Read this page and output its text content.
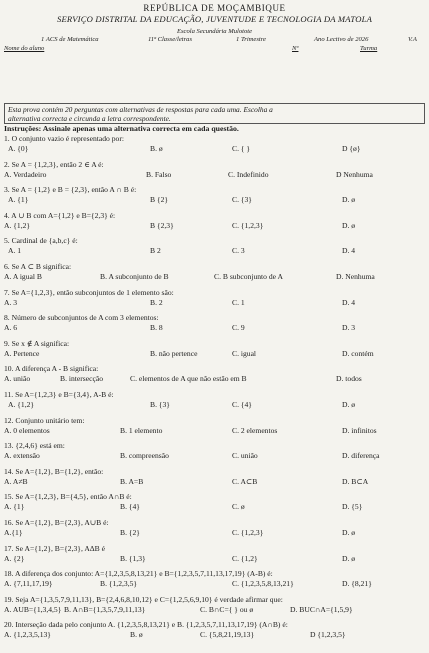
REPÚBLICA DE MOÇAMBIQUE
SERVIÇO DISTRITAL DA EDUCAÇÃO, JUVENTUDE E TECNOLOGIA DA MATOLA
Escola Secundária Mulotote
1 ACS de Matemática	11ª Classe/letras	1 Trimestre	Ano Lectivo de 2026	V.A
Nome do aluno	Nº	Turma
Esta prova contém 20 perguntas com alternativas de respostas para cada uma. Escolha a
alternativa correcta e circunda a letra correspondente.
Instruções: Assinale apenas uma alternativa correcta em cada questão.
1. O conjunto vazio é representado por:
A. {0}	B. ø	C. { }	D {ø}
2. Se A = {1,2,3}, então 2 ∈ A é:
A. Verdadeiro	B. Falso	C. Indefinido	D Nenhuma
3. Se A = {1,2} e B = {2,3}, então A ∩ B é:
A. {1}	B {2}	C. {3}	D. ø
4. A ∪ B com A={1,2} e B={2,3} é:
A. {1,2}	B {2,3}	C. {1,2,3}	D. ø
5. Cardinal de {a,b,c} é:
A. 1	B 2	C. 3	D. 4
6. Se A ⊂ B significa:
A. A igual B	B. A subconjunto de B	C. B subconjunto de A	D. Nenhuma
7. Se A={1,2,3}, então subconjuntos de 1 elemento são:
A. 3	B. 2	C. 1	D. 4
8. Número de subconjuntos de A com 3 elementos:
A. 6	B. 8	C. 9	D. 3
9. Se x ∉ A significa:
A. Pertence	B. não pertence	C. igual	D. contém
10. A diferença A - B significa:
A. união	B. intersecção	C. elementos de A que não estão em B	D. todos
11. Se A={1,2,3} e B={3,4}, A-B é:
A. {1,2}	B. {3}	C. {4}	D. ø
12. Conjunto unitário tem:
A. 0 elementos	B. 1 elemento	C. 2 elementos	D. infinitos
13. {2,4,6} está em:
A. extensão	B. compreensão	C. união	D. diferença
14. Se A={1,2}, B={1,2}, então:
A. A≠B	B. A=B	C. A⊂B	D. B⊂A
15. Se A={1,2,3}, B={4,5}, então A∩B é:
A. {1}	B. {4}	C. ø	D. {5}
16. Se A={1,2}, B={2,3}, A∪B é:
A.{1}	B. {2}	C. {1,2,3}	D. ø
17. Se A={1,2}, B={2,3}, AΔB é
A. {2}	B. {1,3}	C. {1,2}	D. ø
18. A diferença dos conjunto: A={1,2,3,5,8,13,21} e B={1,2,3,5,7,11,13,17,19} (A-B) é:
A. {7,11,17,19}	B. {1,2,3,5}	C. {1,2,3,5,8,13,21}	D. {8,21}
19. Seja A={1,3,5,7,9,11,13}, B={2,4,6,8,10,12} e C={1,2,5,6,9,10} é verdade afirmar que:
A. AUB={1,3,4,5} B. A∩B={1,3,5,7,9,11,13}	C. B∩C={ } ou ø	D. BUC∩A={1,5,9}
20. Interseção dada pelo conjunto A. {1,2,3,5,8,13,21} e B. {1,2,3,5,7,11,13,17,19} (A∩B) é:
A. {1,2,3,5,13}	B. ø	C. {5,8,21,19,13}	D {1,2,3,5}
